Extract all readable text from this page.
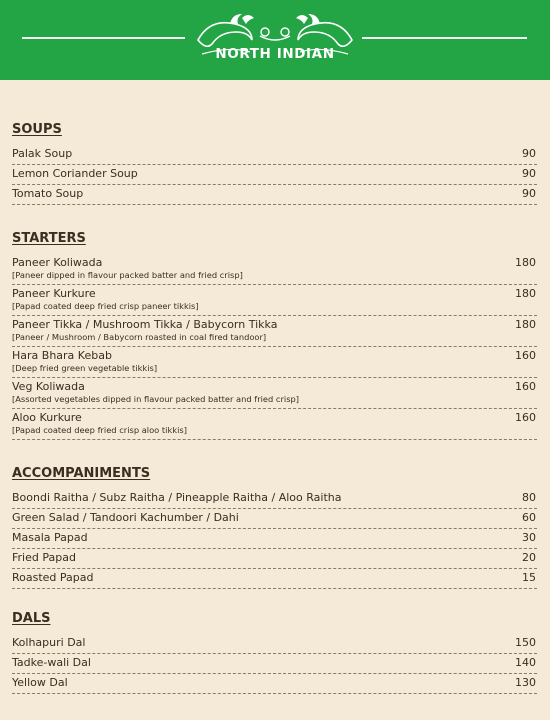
NORTH INDIAN
SOUPS
Palak Soup	90
Lemon Coriander Soup	90
Tomato Soup	90
STARTERS
Paneer Koliwada
[Paneer dipped in flavour packed batter and fried crisp]
180
Paneer Kurkure
[Papad coated deep fried crisp paneer tikkis]
180
Paneer Tikka / Mushroom Tikka / Babycorn Tikka
[Paneer / Mushroom / Babycorn roasted in coal fired tandoor]
180
Hara Bhara Kebab
[Deep fried green vegetable tikkis]
160
Veg Koliwada
[Assorted vegetables dipped in flavour packed batter and fried crisp]
160
Aloo Kurkure
[Papad coated deep fried crisp aloo tikkis]
160
ACCOMPANIMENTS
Boondi Raitha / Subz Raitha / Pineapple Raitha / Aloo Raitha	80
Green Salad / Tandoori Kachumber / Dahi	60
Masala Papad	30
Fried Papad	20
Roasted Papad	15
DALS
Kolhapuri Dal	150
Tadke-wali Dal	140
Yellow Dal	130
